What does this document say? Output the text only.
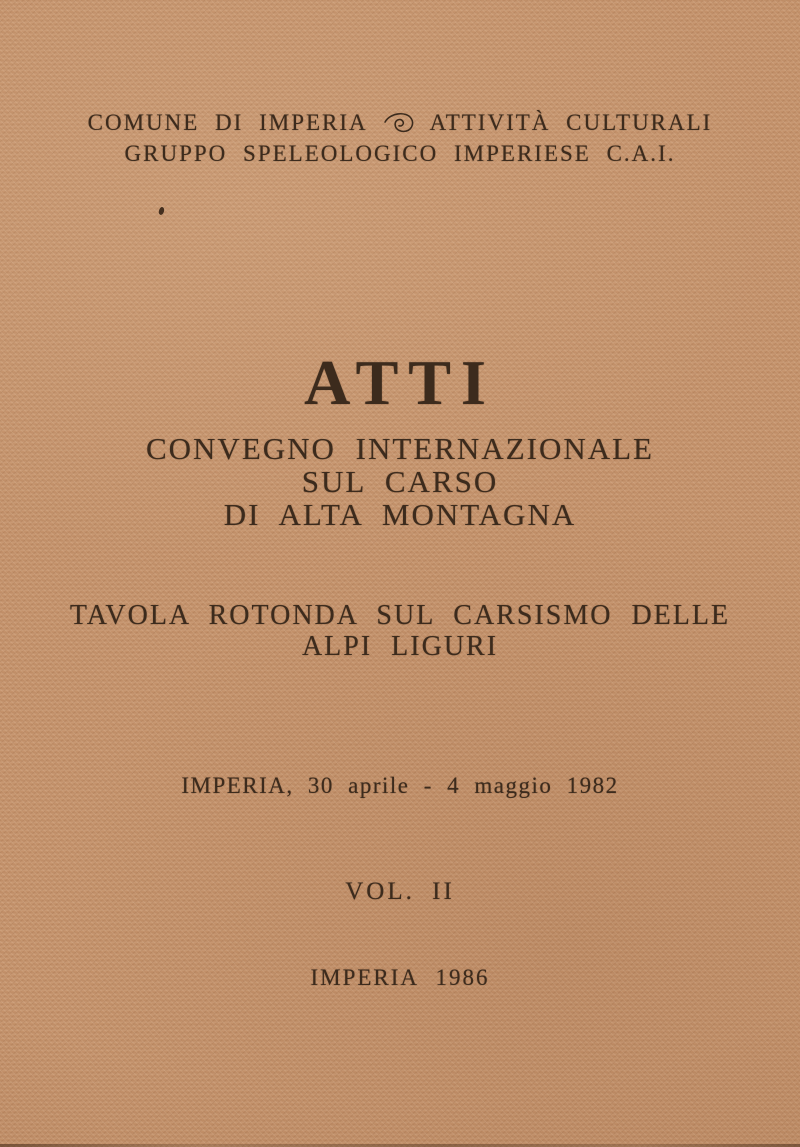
COMUNE DI IMPERIA	ATTIVITÀ CULTURALI
GRUPPO SPELEOLOGICO IMPERIESE C.A.I.
ATTI
CONVEGNO INTERNAZIONALE
SUL CARSO
DI ALTA MONTAGNA
TAVOLA ROTONDA SUL CARSISMO DELLE
ALPI LIGURI
IMPERIA, 30 aprile - 4 maggio 1982
VOL. II
IMPERIA 1986
